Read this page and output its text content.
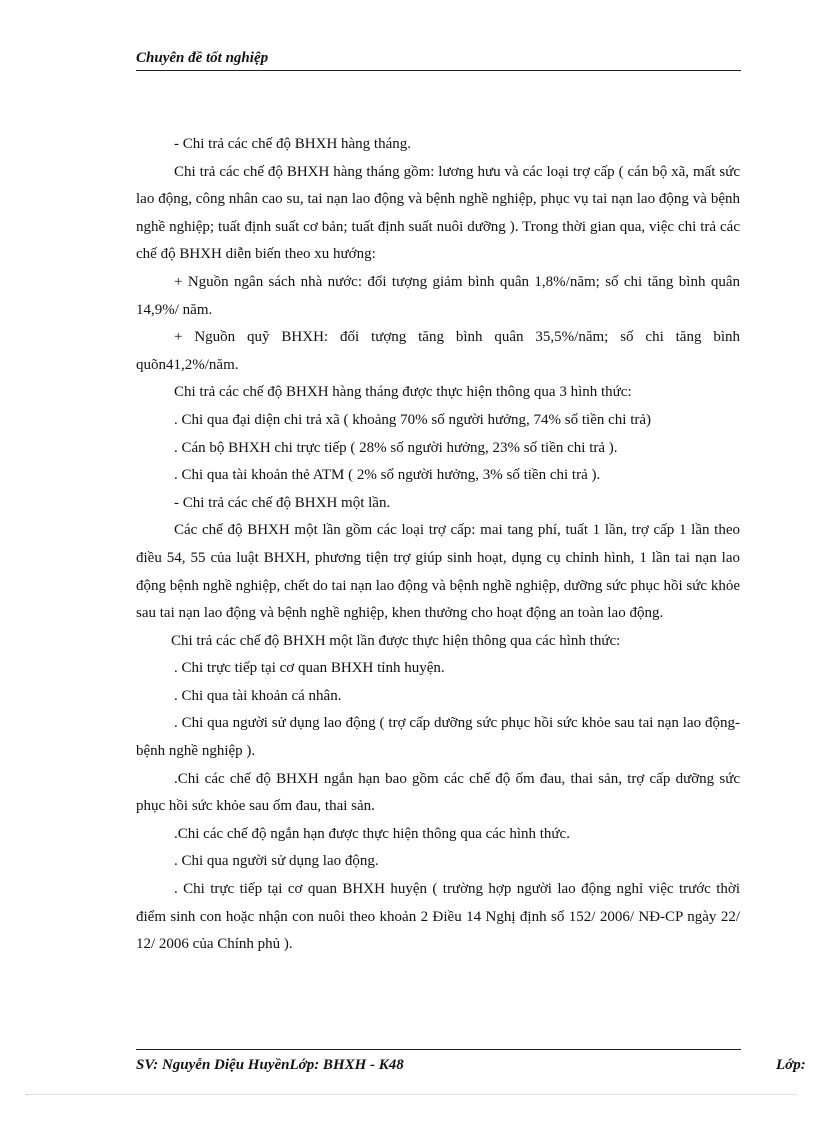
Chuyên đề tốt nghiệp

- Chi trả các chế độ BHXH hàng tháng.

Chi trả các chế độ BHXH hàng tháng gồm: lương hưu và các loại trợ cấp ( cán bộ xã, mất sức lao động, công nhân cao su, tai nạn lao động và bệnh nghề nghiệp, phục vụ tai nạn lao động và bệnh nghề nghiệp; tuất định suất cơ bản; tuất định suất nuôi dưỡng ). Trong thời gian qua, việc chi trả các chế độ BHXH diễn biến theo xu hướng:

+ Nguồn ngân sách nhà nước: đối tượng giảm bình quân 1,8%/năm; số chi tăng bình quân 14,9%/ năm.

+ Nguồn quỹ BHXH: đối tượng tăng bình quân 35,5%/năm; số chi tăng bình quõn41,2%/năm.

Chi trả các chế độ BHXH hàng tháng được thực hiện thông qua 3 hình thức:

. Chi qua đại diện chi trả xã ( khoảng 70% số người hưởng, 74% số tiền chi trả)

. Cán bộ BHXH chi trực tiếp ( 28% số người hưởng, 23% số tiền chi trả ).

. Chi qua tài khoản thẻ ATM ( 2% số người hưởng, 3% số tiền chi trả ).

- Chi trả các chế độ BHXH một lần.

Các chế độ BHXH một lần gồm các loại trợ cấp: mai tang phí, tuất 1 lần, trợ cấp 1 lần theo điều 54, 55 của luật BHXH, phương tiện trợ giúp sinh hoạt, dụng cụ chỉnh hình, 1 lần tai nạn lao động bệnh nghề nghiệp, chết do tai nạn lao động và bệnh nghề nghiệp, dưỡng sức phục hồi sức khỏe sau tai nạn lao động và bệnh nghề nghiệp, khen thưởng cho hoạt động an toàn lao động.

Chi trả các chế độ BHXH một lần được thực hiện thông qua các hình thức:

. Chi trực tiếp tại cơ quan BHXH tỉnh huyện.

. Chi qua tài khoản cá nhân.

. Chi qua người sử dụng lao động ( trợ cấp dưỡng sức phục hồi sức khỏe sau tai nạn lao động- bệnh nghề nghiệp ).

.Chi các chế độ BHXH ngắn hạn bao gồm các chế độ ốm đau, thai sản, trợ cấp dưỡng sức phục hồi sức khỏe sau ốm đau, thai sản.

.Chi các chế độ ngắn hạn được thực hiện thông qua các hình thức.

. Chi qua người sử dụng lao động.

. Chi trực tiếp tại cơ quan BHXH huyện ( trường hợp người lao động nghỉ việc trước thời điểm sinh con hoặc nhận con nuôi theo khoản 2 Điều 14 Nghị định số 152/ 2006/ NĐ-CP ngày 22/ 12/ 2006 của Chính phủ ).

SV: Nguyễn Diệu HuyềnLớp: BHXH - K48	Lớp:
